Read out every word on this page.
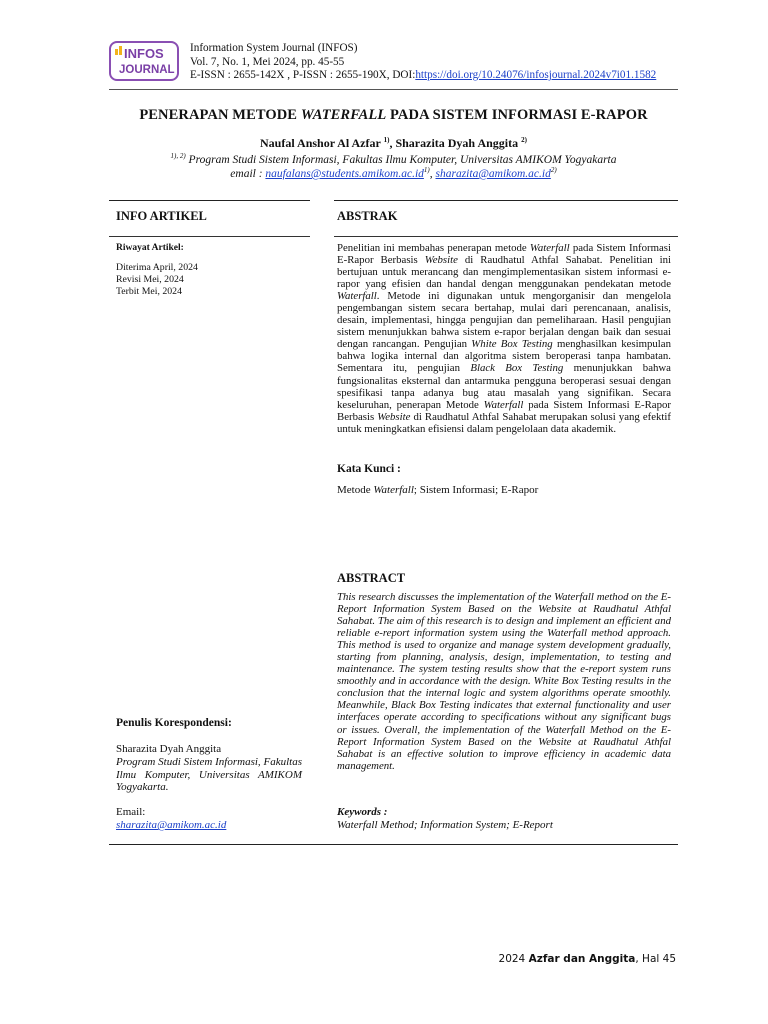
INFOS
JOURNAL
Information System Journal (INFOS)
Vol. 7, No. 1, Mei 2024, pp. 45-55
E-ISSN : 2655-142X , P-ISSN : 2655-190X, DOI:https://doi.org/10.24076/infosjournal.2024v7i01.1582
PENERAPAN METODE WATERFALL PADA SISTEM INFORMASI E-RAPOR
Naufal Anshor Al Azfar $^{1)}$, Sharazita Dyah Anggita $^{2)}$
$^{1), 2)}$ Program Studi Sistem Informasi, Fakultas Ilmu Komputer, Universitas AMIKOM Yogyakarta
email : $naufalans@students.amikom.ac.id^{1)}$, $sharazita@amikom.ac.id^{2)}$
INFO ARTIKEL
Riwayat Artikel:
Diterima April, 2024
Revisi Mei, 2024
Terbit Mei, 2024
Penulis Korespondensi:
Sharazita Dyah Anggita
Program Studi Sistem Informasi, Fakultas Ilmu Komputer, Universitas AMIKOM Yogyakarta.
Email:
sharazita@amikom.ac.id
ABSTRAK
Penelitian ini membahas penerapan metode Waterfall pada Sistem Informasi E-Rapor Berbasis Website di Raudhatul Athfal Sahabat. Penelitian ini bertujuan untuk merancang dan mengimplementasikan sistem informasi e-rapor yang efisien dan handal dengan menggunakan pendekatan metode Waterfall. Metode ini digunakan untuk mengorganisir dan mengelola pengembangan sistem secara bertahap, mulai dari perencanaan, analisis, desain, implementasi, hingga pengujian dan pemeliharaan. Hasil pengujian sistem menunjukkan bahwa sistem e-rapor berjalan dengan baik dan sesuai dengan rancangan. Pengujian White Box Testing menghasilkan kesimpulan bahwa logika internal dan algoritma sistem beroperasi tanpa hambatan. Sementara itu, pengujian Black Box Testing menunjukkan bahwa fungsionalitas eksternal dan antarmuka pengguna beroperasi sesuai dengan spesifikasi tanpa adanya bug atau masalah yang signifikan. Secara keseluruhan, penerapan Metode Waterfall pada Sistem Informasi E-Rapor Berbasis Website di Raudhatul Athfal Sahabat merupakan solusi yang efektif untuk meningkatkan efisiensi dalam pengelolaan data akademik.
Kata Kunci :
Metode Waterfall; Sistem Informasi; E-Rapor
ABSTRACT
This research discusses the implementation of the Waterfall method on the E-Report Information System Based on the Website at Raudhatul Athfal Sahabat. The aim of this research is to design and implement an efficient and reliable e-report information system using the Waterfall method approach. This method is used to organize and manage system development gradually, starting from planning, analysis, design, implementation, to testing and maintenance. The system testing results show that the e-report system runs smoothly and in accordance with the design. White Box Testing results in the conclusion that the internal logic and system algorithms operate smoothly. Meanwhile, Black Box Testing indicates that external functionality and user interfaces operate according to specifications without any significant bugs or issues. Overall, the implementation of the Waterfall Method on the E-Report Information System Based on the Website at Raudhatul Athfal Sahabat is an effective solution to improve efficiency in academic data management.
Keywords :
Waterfall Method; Information System; E-Report
2024 Azfar dan Anggita, Hal 45
